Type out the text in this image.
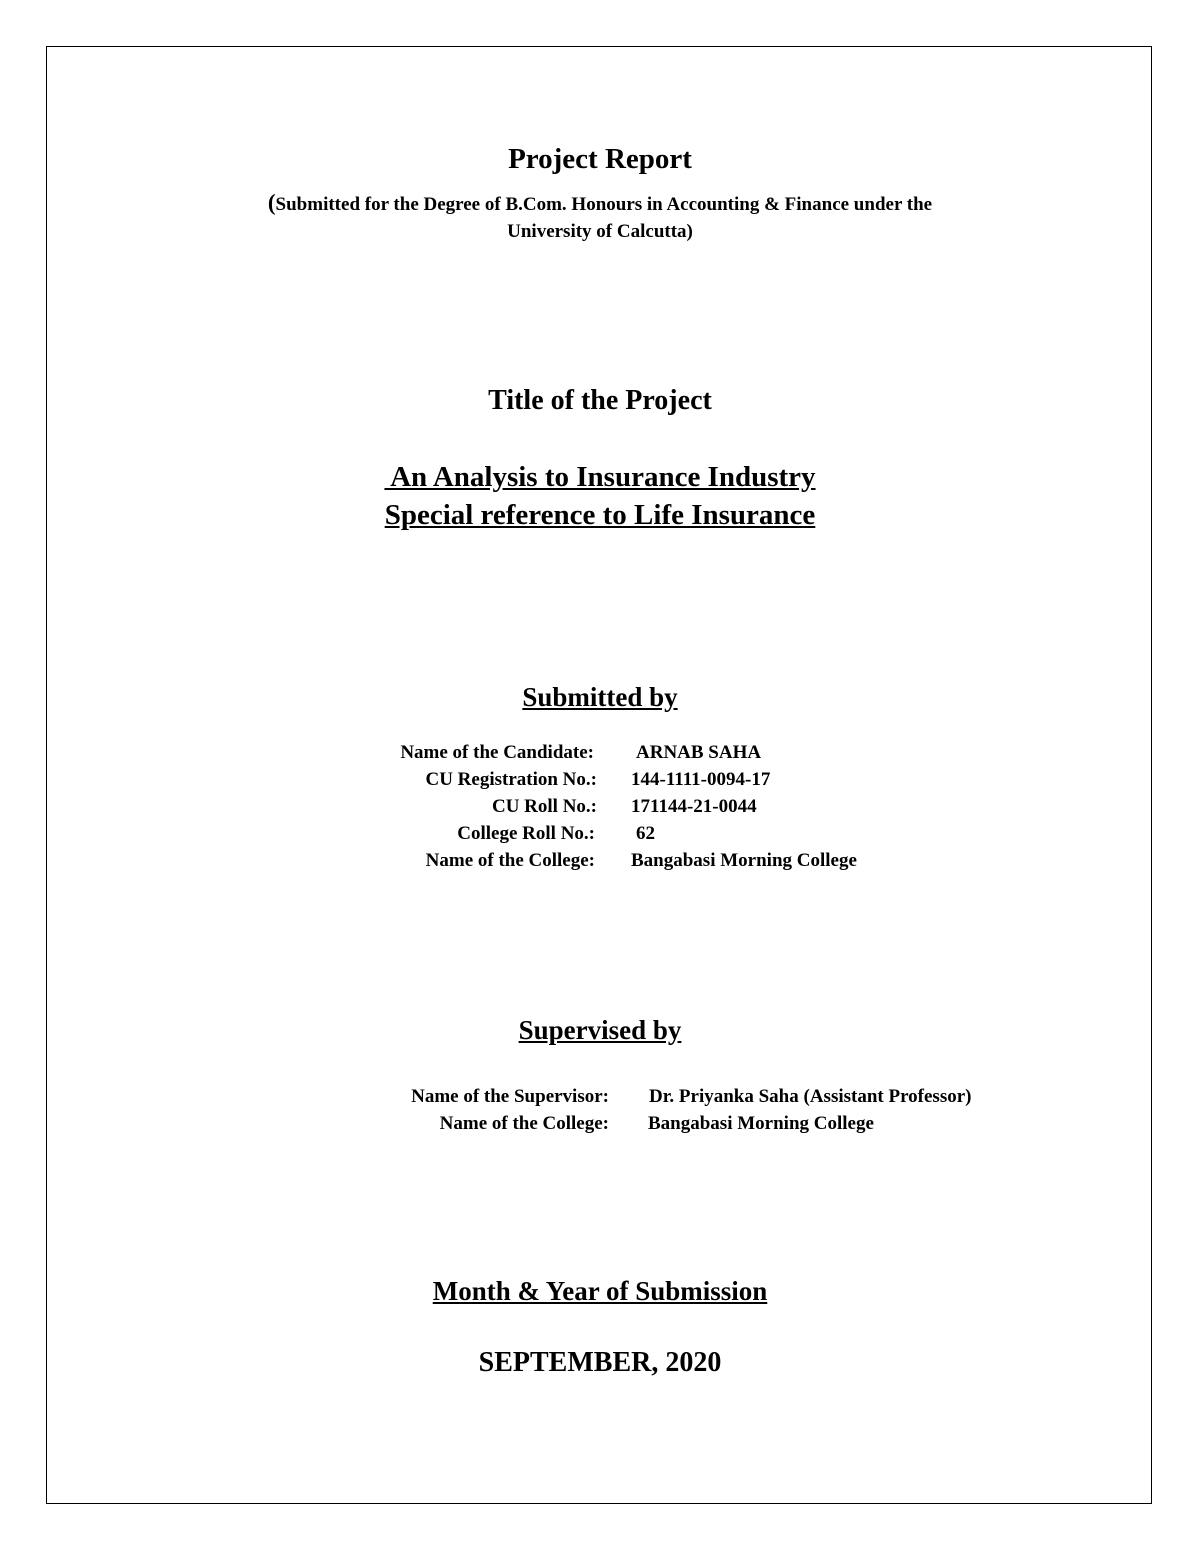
Project Report
(Submitted for the Degree of B.Com. Honours in Accounting & Finance under the
University of Calcutta)
Title of the Project
An Analysis to Insurance Industry
Special reference to Life Insurance
Submitted by
Name of the Candidate: ARNAB SAHA
CU Registration No.: 144-1111-0094-17
CU Roll No.: 171144-21-0044
College Roll No.: 62
Name of the College: Bangabasi Morning College
Supervised by
Name of the Supervisor: Dr. Priyanka Saha (Assistant Professor)
Name of the College: Bangabasi Morning College
Month & Year of Submission
SEPTEMBER, 2020
